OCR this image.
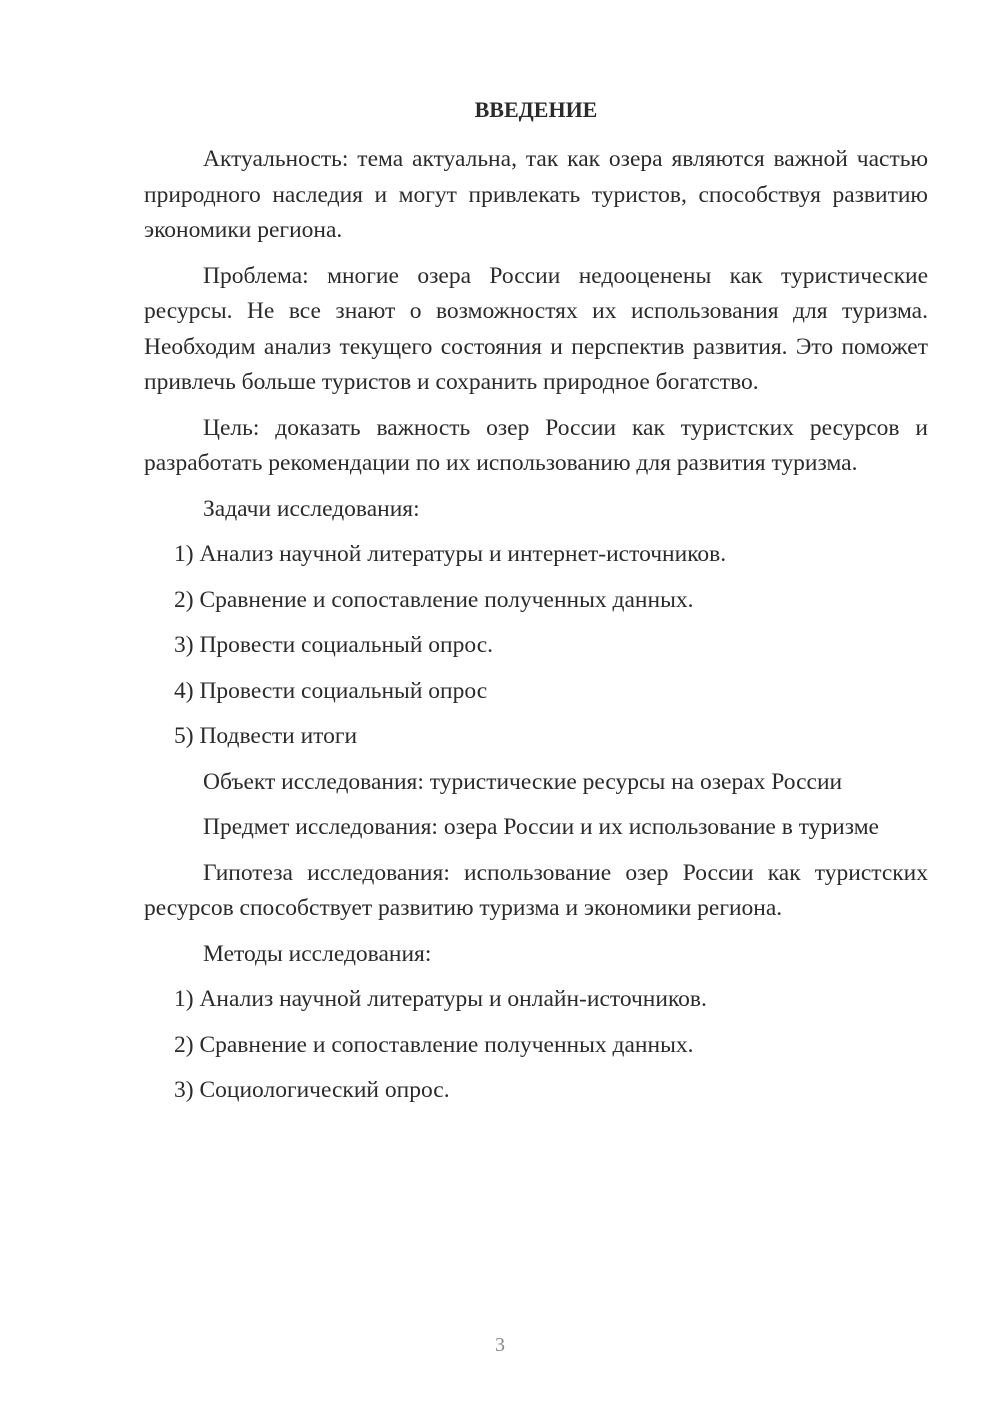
ВВЕДЕНИЕ
Актуальность: тема актуальна, так как озера являются важной частью природного наследия и могут привлекать туристов, способствуя развитию экономики региона.
Проблема: многие озера России недооценены как туристические ресурсы. Не все знают о возможностях их использования для туризма. Необходим анализ текущего состояния и перспектив развития. Это поможет привлечь больше туристов и сохранить природное богатство.
Цель: доказать важность озер России как туристских ресурсов и разработать рекомендации по их использованию для развития туризма.
Задачи исследования:
1) Анализ научной литературы и интернет-источников.
2) Сравнение и сопоставление полученных данных.
3) Провести социальный опрос.
4) Провести социальный опрос
5) Подвести итоги
Объект исследования: туристические ресурсы на озерах России
Предмет исследования: озера России и их использование в туризме
Гипотеза исследования: использование озер России как туристских ресурсов способствует развитию туризма и экономики региона.
Методы исследования:
1) Анализ научной литературы и онлайн-источников.
2) Сравнение и сопоставление полученных данных.
3) Социологический опрос.
3
